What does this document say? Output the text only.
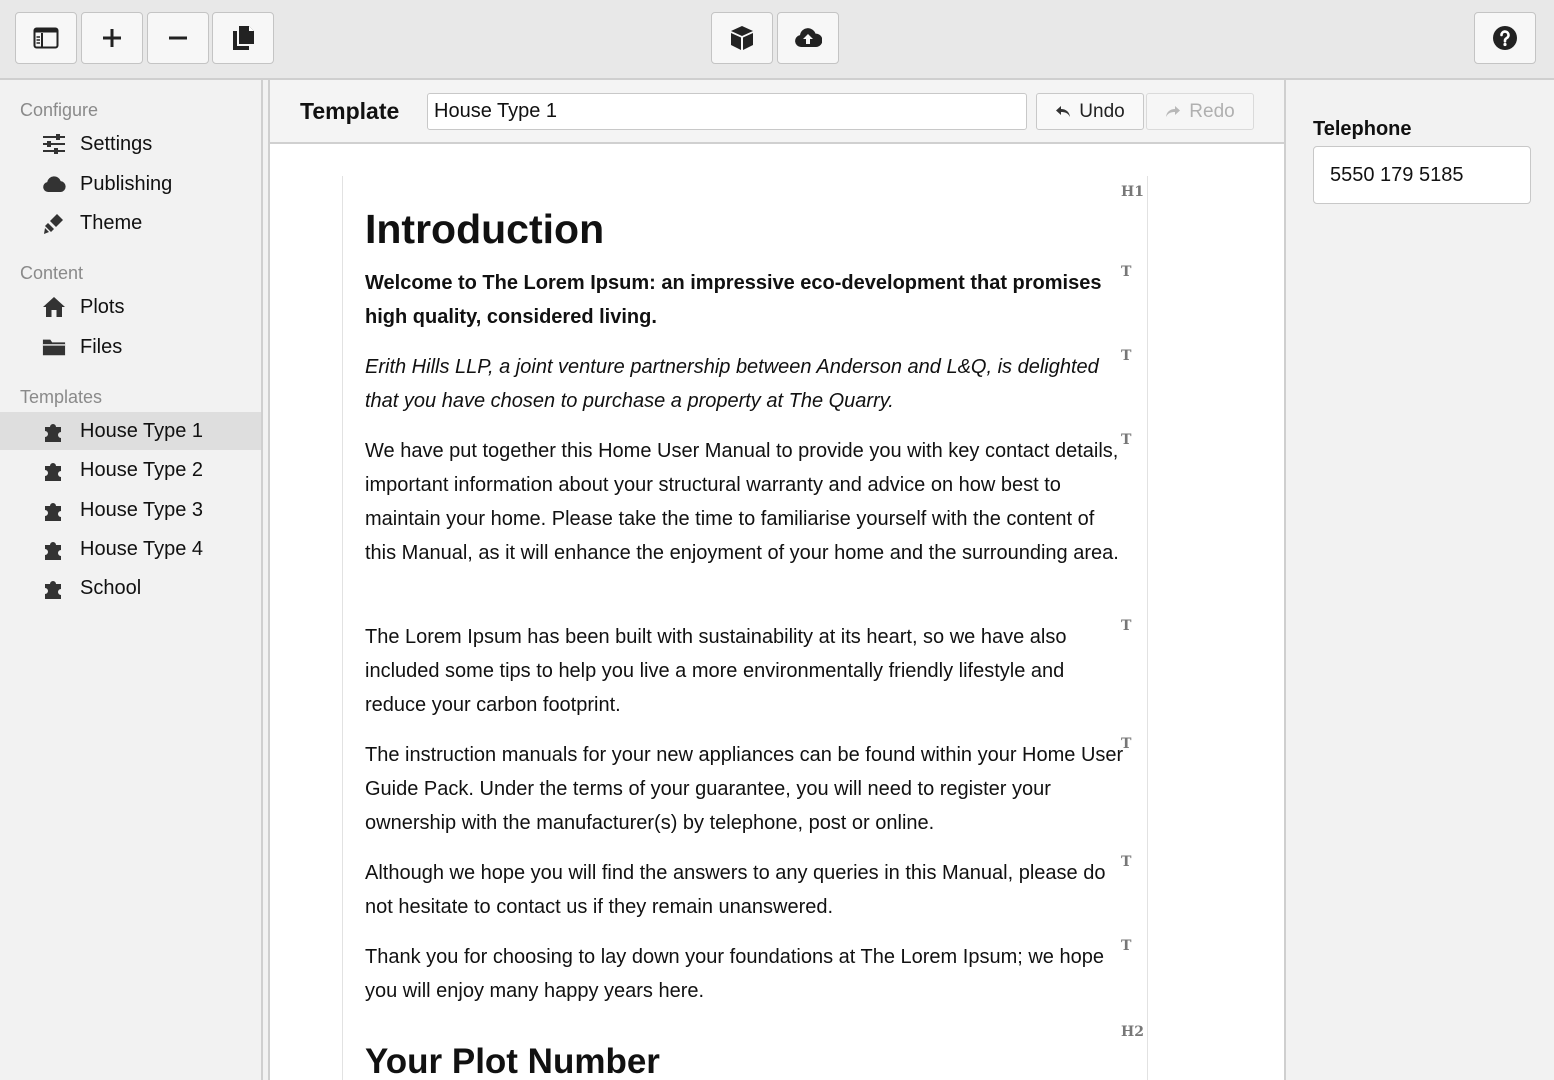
Configure
Settings
Publishing
Theme
Content
Plots
Files
Templates
House Type 1
House Type 2
House Type 3
House Type 4
School
Template
House Type 1	Undo	Redo
H1
Introduction
T
Welcome to The Lorem Ipsum: an impressive eco-development that promises high quality, considered living.
T
Erith Hills LLP, a joint venture partnership between Anderson and L&Q, is delighted that you have chosen to purchase a property at The Quarry.
T
We have put together this Home User Manual to provide you with key contact details, important information about your structural warranty and advice on how best to maintain your home. Please take the time to familiarise yourself with the content of this Manual, as it will enhance the enjoyment of your home and the surrounding area.
T
The Lorem Ipsum has been built with sustainability at its heart, so we have also included some tips to help you live a more environmentally friendly lifestyle and reduce your carbon footprint.
T
The instruction manuals for your new appliances can be found within your Home User Guide Pack. Under the terms of your guarantee, you will need to register your ownership with the manufacturer(s) by telephone, post or online.
T
Although we hope you will find the answers to any queries in this Manual, please do not hesitate to contact us if they remain unanswered.
T
Thank you for choosing to lay down your foundations at The Lorem Ipsum; we hope you will enjoy many happy years here.
H2
Your Plot Number
Telephone
5550 179 5185
